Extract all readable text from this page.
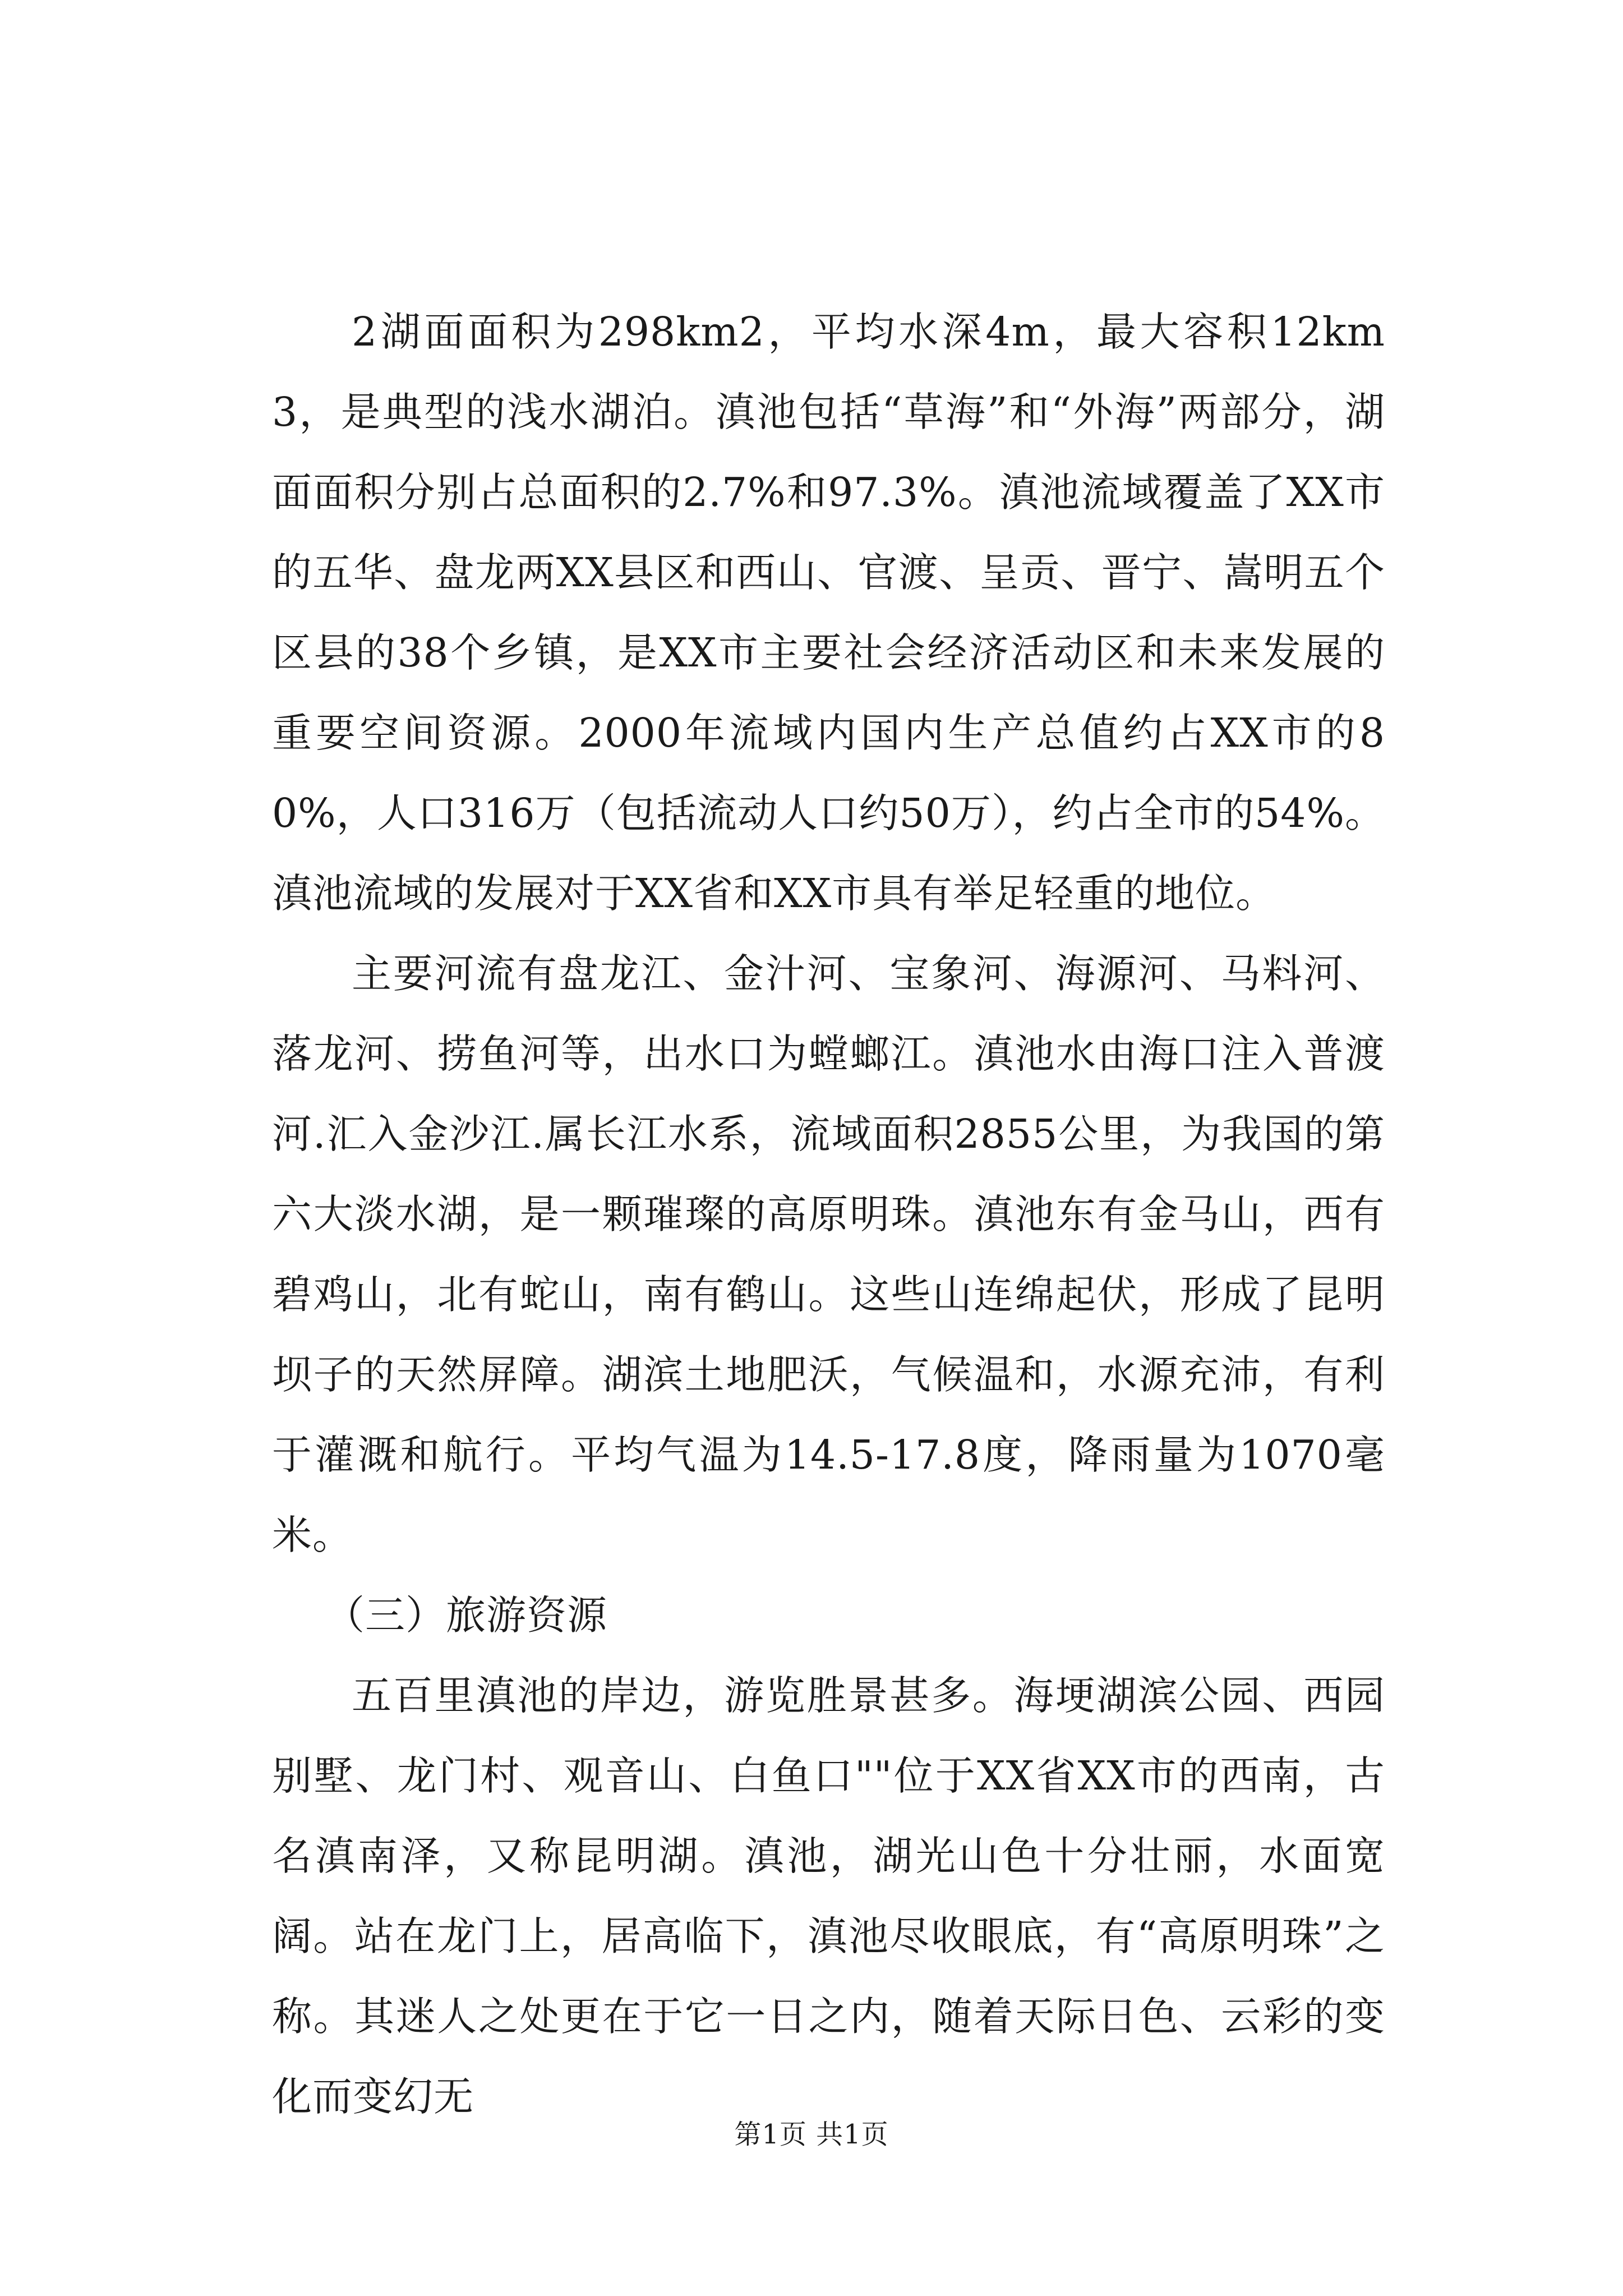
2湖面面积为298km2，平均水深4m，最大容积12km3，是典型的浅水湖泊。滇池包括“草海”和“外海”两部分，湖面面积分别占总面积的2.7%和97.3%。滇池流域覆盖了XX市的五华、盘龙两XX县区和西山、官渡、呈贡、晋宁、嵩明五个区县的38个乡镇，是XX市主要社会经济活动区和未来发展的重要空间资源。2000年流域内国内生产总值约占XX市的80%，人口316万（包括流动人口约50万），约占全市的54%。滇池流域的发展对于XX省和XX市具有举足轻重的地位。

主要河流有盘龙江、金汁河、宝象河、海源河、马料河、落龙河、捞鱼河等，出水口为螳螂江。滇池水由海口注入普渡河.汇入金沙江.属长江水系，流域面积2855公里，为我国的第六大淡水湖，是一颗璀璨的高原明珠。滇池东有金马山，西有碧鸡山，北有蛇山，南有鹤山。这些山连绵起伏，形成了昆明坝子的天然屏障。湖滨土地肥沃，气候温和，水源充沛，有利于灌溉和航行。平均气温为14.5-17.8度，降雨量为1070毫米。

（三）旅游资源

五百里滇池的岸边，游览胜景甚多。海埂湖滨公园、西园别墅、龙门村、观音山、白鱼口""位于XX省XX市的西南，古名滇南泽，又称昆明湖。滇池，湖光山色十分壮丽，水面宽阔。站在龙门上，居高临下，滇池尽收眼底，有“高原明珠”之称。其迷人之处更在于它一日之内，随着天际日色、云彩的变化而变幻无

第1页 共1页
